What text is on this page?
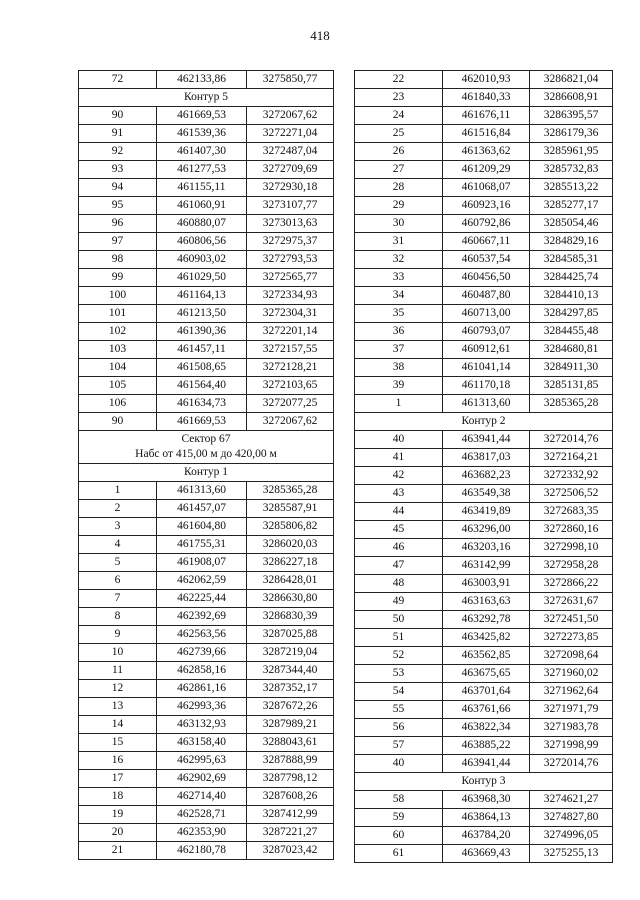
418
72	462133,86	3275850,77
Контур 5		
90	461669,53	3272067,62
91	461539,36	3272271,04
92	461407,30	3272487,04
93	461277,53	3272709,69
94	461155,11	3272930,18
95	461060,91	3273107,77
96	460880,07	3273013,63
97	460806,56	3272975,37
98	460903,02	3272793,53
99	461029,50	3272565,77
100	461164,13	3272334,93
101	461213,50	3272304,31
102	461390,36	3272201,14
103	461457,11	3272157,55
104	461508,65	3272128,21
105	461564,40	3272103,65
106	461634,73	3272077,25
90	461669,53	3272067,62

Сектор 67
Набс от 415,00 м до 420,00 м		

Контур 1		
1	461313,60	3285365,28
2	461457,07	3285587,91
3	461604,80	3285806,82
4	461755,31	3286020,03
5	461908,07	3286227,18
6	462062,59	3286428,01
7	462225,44	3286630,80
8	462392,69	3286830,39
9	462563,56	3287025,88
10	462739,66	3287219,04
11	462858,16	3287344,40
12	462861,16	3287352,17
13	462993,36	3287672,26
14	463132,93	3287989,21
15	463158,40	3288043,61
16	462995,63	3287888,99
17	462902,69	3287798,12
18	462714,40	3287608,26
19	462528,71	3287412,99
20	462353,90	3287221,27
21	462180,78	3287023,42
22	462010,93	3286821,04
23	461840,33	3286608,91
24	461676,11	3286395,57
25	461516,84	3286179,36
26	461363,62	3285961,95
27	461209,29	3285732,83
28	461068,07	3285513,22
29	460923,16	3285277,17
30	460792,86	3285054,46
31	460667,11	3284829,16
32	460537,54	3284585,31
33	460456,50	3284425,74
34	460487,80	3284410,13
35	460713,00	3284297,85
36	460793,07	3284455,48
37	460912,61	3284680,81
38	461041,14	3284911,30
39	461170,18	3285131,85
1	461313,60	3285365,28
Контур 2		
40	463941,44	3272014,76
41	463817,03	3272164,21
42	463682,23	3272332,92
43	463549,38	3272506,52
44	463419,89	3272683,35
45	463296,00	3272860,16
46	463203,16	3272998,10
47	463142,99	3272958,28
48	463003,91	3272866,22
49	463163,63	3272631,67
50	463292,78	3272451,50
51	463425,82	3272273,85
52	463562,85	3272098,64
53	463675,65	3271960,02
54	463701,64	3271962,64
55	463761,66	3271971,79
56	463822,34	3271983,78
57	463885,22	3271998,99
40	463941,44	3272014,76
Контур 3		
58	463968,30	3274621,27
59	463864,13	3274827,80
60	463784,20	3274996,05
61	463669,43	3275255,13
